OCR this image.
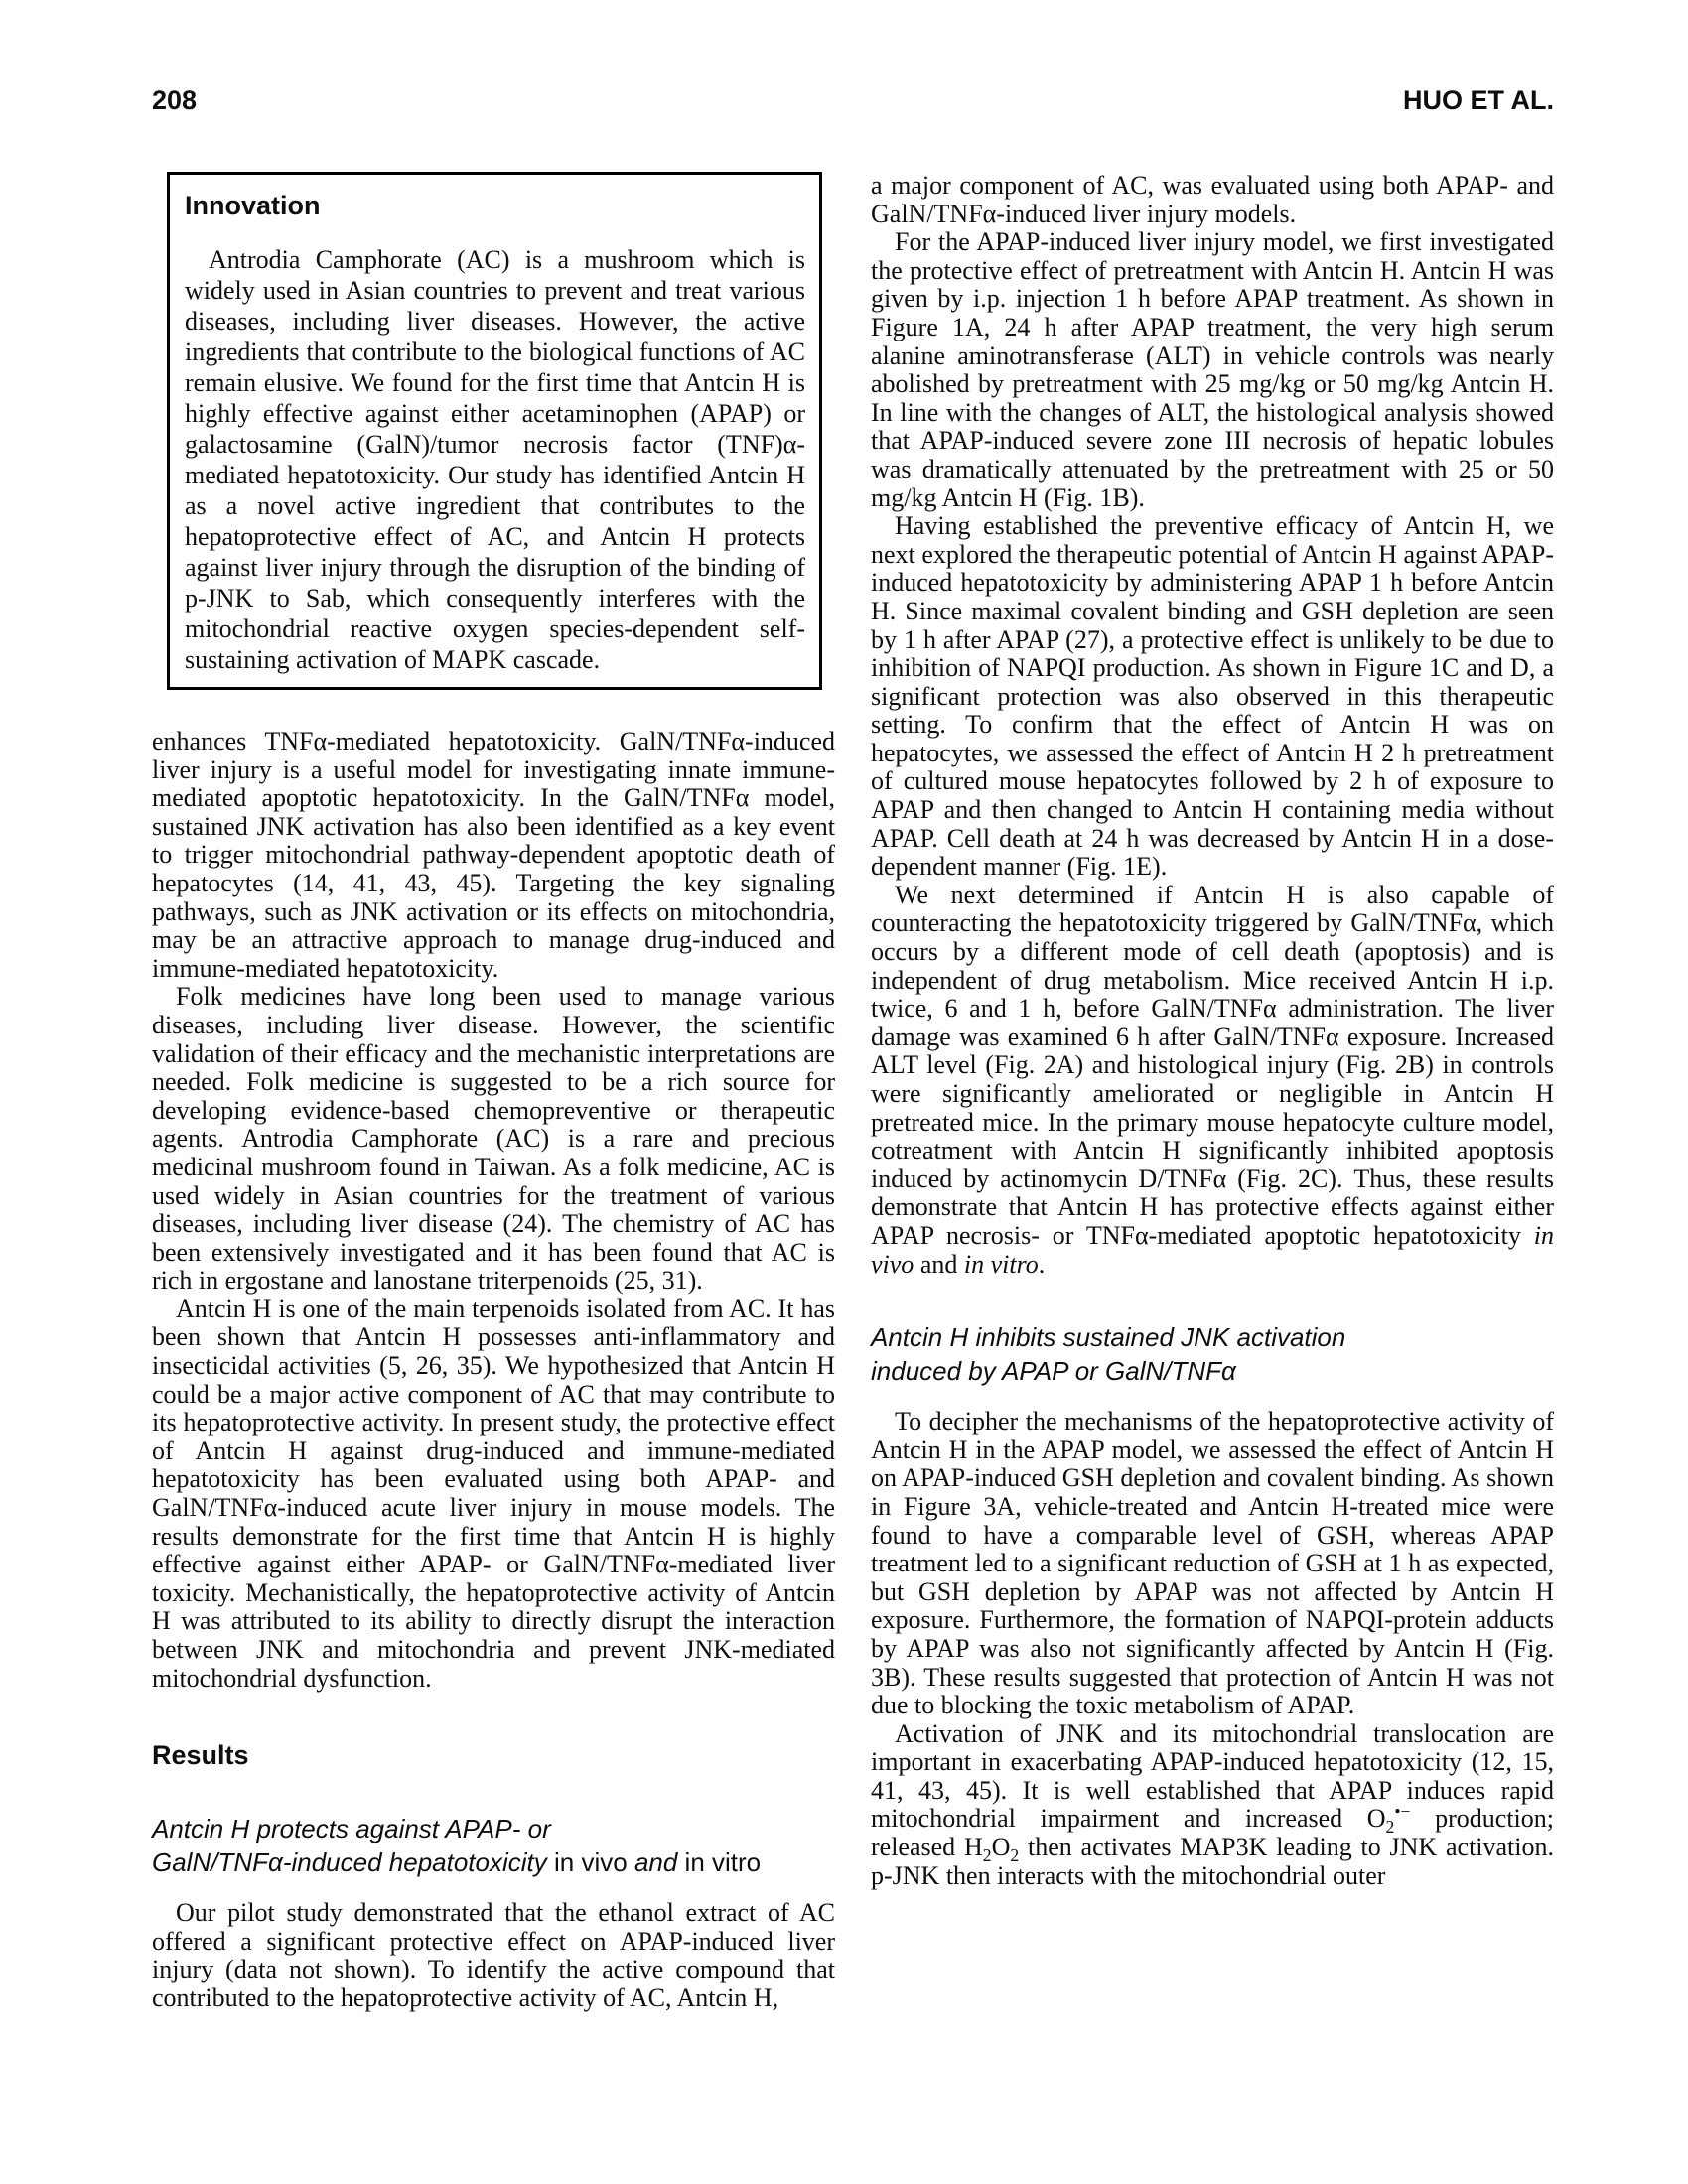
208	HUO ET AL.
Innovation

Antrodia Camphorate (AC) is a mushroom which is widely used in Asian countries to prevent and treat various diseases, including liver diseases. However, the active ingredients that contribute to the biological functions of AC remain elusive. We found for the first time that Antcin H is highly effective against either acetaminophen (APAP) or galactosamine (GalN)/tumor necrosis factor (TNF)α-mediated hepatotoxicity. Our study has identified Antcin H as a novel active ingredient that contributes to the hepatoprotective effect of AC, and Antcin H protects against liver injury through the disruption of the binding of p-JNK to Sab, which consequently interferes with the mitochondrial reactive oxygen species-dependent self-sustaining activation of MAPK cascade.

enhances TNFα-mediated hepatotoxicity. GalN/TNFα-induced liver injury is a useful model for investigating innate immune-mediated apoptotic hepatotoxicity. In the GalN/TNFα model, sustained JNK activation has also been identified as a key event to trigger mitochondrial pathway-dependent apoptotic death of hepatocytes (14, 41, 43, 45). Targeting the key signaling pathways, such as JNK activation or its effects on mitochondria, may be an attractive approach to manage drug-induced and immune-mediated hepatotoxicity.

Folk medicines have long been used to manage various diseases, including liver disease. However, the scientific validation of their efficacy and the mechanistic interpretations are needed. Folk medicine is suggested to be a rich source for developing evidence-based chemopreventive or therapeutic agents. Antrodia Camphorate (AC) is a rare and precious medicinal mushroom found in Taiwan. As a folk medicine, AC is used widely in Asian countries for the treatment of various diseases, including liver disease (24). The chemistry of AC has been extensively investigated and it has been found that AC is rich in ergostane and lanostane triterpenoids (25, 31).

Antcin H is one of the main terpenoids isolated from AC. It has been shown that Antcin H possesses anti-inflammatory and insecticidal activities (5, 26, 35). We hypothesized that Antcin H could be a major active component of AC that may contribute to its hepatoprotective activity. In present study, the protective effect of Antcin H against drug-induced and immune-mediated hepatotoxicity has been evaluated using both APAP- and GalN/TNFα-induced acute liver injury in mouse models. The results demonstrate for the first time that Antcin H is highly effective against either APAP- or GalN/TNFα-mediated liver toxicity. Mechanistically, the hepatoprotective activity of Antcin H was attributed to its ability to directly disrupt the interaction between JNK and mitochondria and prevent JNK-mediated mitochondrial dysfunction.

Results
Antcin H protects against APAP- or
GalN/TNFα-induced hepatotoxicity in vivo and in vitro

Our pilot study demonstrated that the ethanol extract of AC offered a significant protective effect on APAP-induced liver injury (data not shown). To identify the active compound that contributed to the hepatoprotective activity of AC, Antcin H,

a major component of AC, was evaluated using both APAP- and GalN/TNFα-induced liver injury models.

For the APAP-induced liver injury model, we first investigated the protective effect of pretreatment with Antcin H. Antcin H was given by i.p. injection 1 h before APAP treatment. As shown in Figure 1A, 24 h after APAP treatment, the very high serum alanine aminotransferase (ALT) in vehicle controls was nearly abolished by pretreatment with 25 mg/kg or 50 mg/kg Antcin H. In line with the changes of ALT, the histological analysis showed that APAP-induced severe zone III necrosis of hepatic lobules was dramatically attenuated by the pretreatment with 25 or 50 mg/kg Antcin H (Fig. 1B).

Having established the preventive efficacy of Antcin H, we next explored the therapeutic potential of Antcin H against APAP-induced hepatotoxicity by administering APAP 1 h before Antcin H. Since maximal covalent binding and GSH depletion are seen by 1 h after APAP (27), a protective effect is unlikely to be due to inhibition of NAPQI production. As shown in Figure 1C and D, a significant protection was also observed in this therapeutic setting. To confirm that the effect of Antcin H was on hepatocytes, we assessed the effect of Antcin H 2 h pretreatment of cultured mouse hepatocytes followed by 2 h of exposure to APAP and then changed to Antcin H containing media without APAP. Cell death at 24 h was decreased by Antcin H in a dose-dependent manner (Fig. 1E).

We next determined if Antcin H is also capable of counteracting the hepatotoxicity triggered by GalN/TNFα, which occurs by a different mode of cell death (apoptosis) and is independent of drug metabolism. Mice received Antcin H i.p. twice, 6 and 1 h, before GalN/TNFα administration. The liver damage was examined 6 h after GalN/TNFα exposure. Increased ALT level (Fig. 2A) and histological injury (Fig. 2B) in controls were significantly ameliorated or negligible in Antcin H pretreated mice. In the primary mouse hepatocyte culture model, cotreatment with Antcin H significantly inhibited apoptosis induced by actinomycin D/TNFα (Fig. 2C). Thus, these results demonstrate that Antcin H has protective effects against either APAP necrosis- or TNFα-mediated apoptotic hepatotoxicity in vivo and in vitro.

Antcin H inhibits sustained JNK activation
induced by APAP or GalN/TNFα

To decipher the mechanisms of the hepatoprotective activity of Antcin H in the APAP model, we assessed the effect of Antcin H on APAP-induced GSH depletion and covalent binding. As shown in Figure 3A, vehicle-treated and Antcin H-treated mice were found to have a comparable level of GSH, whereas APAP treatment led to a significant reduction of GSH at 1 h as expected, but GSH depletion by APAP was not affected by Antcin H exposure. Furthermore, the formation of NAPQI-protein adducts by APAP was also not significantly affected by Antcin H (Fig. 3B). These results suggested that protection of Antcin H was not due to blocking the toxic metabolism of APAP.

Activation of JNK and its mitochondrial translocation are important in exacerbating APAP-induced hepatotoxicity (12, 15, 41, 43, 45). It is well established that APAP induces rapid mitochondrial impairment and increased $O_2^{•-}$ production; released $H_2O_2$ then activates MAP3K leading to JNK activation. p-JNK then interacts with the mitochondrial outer
